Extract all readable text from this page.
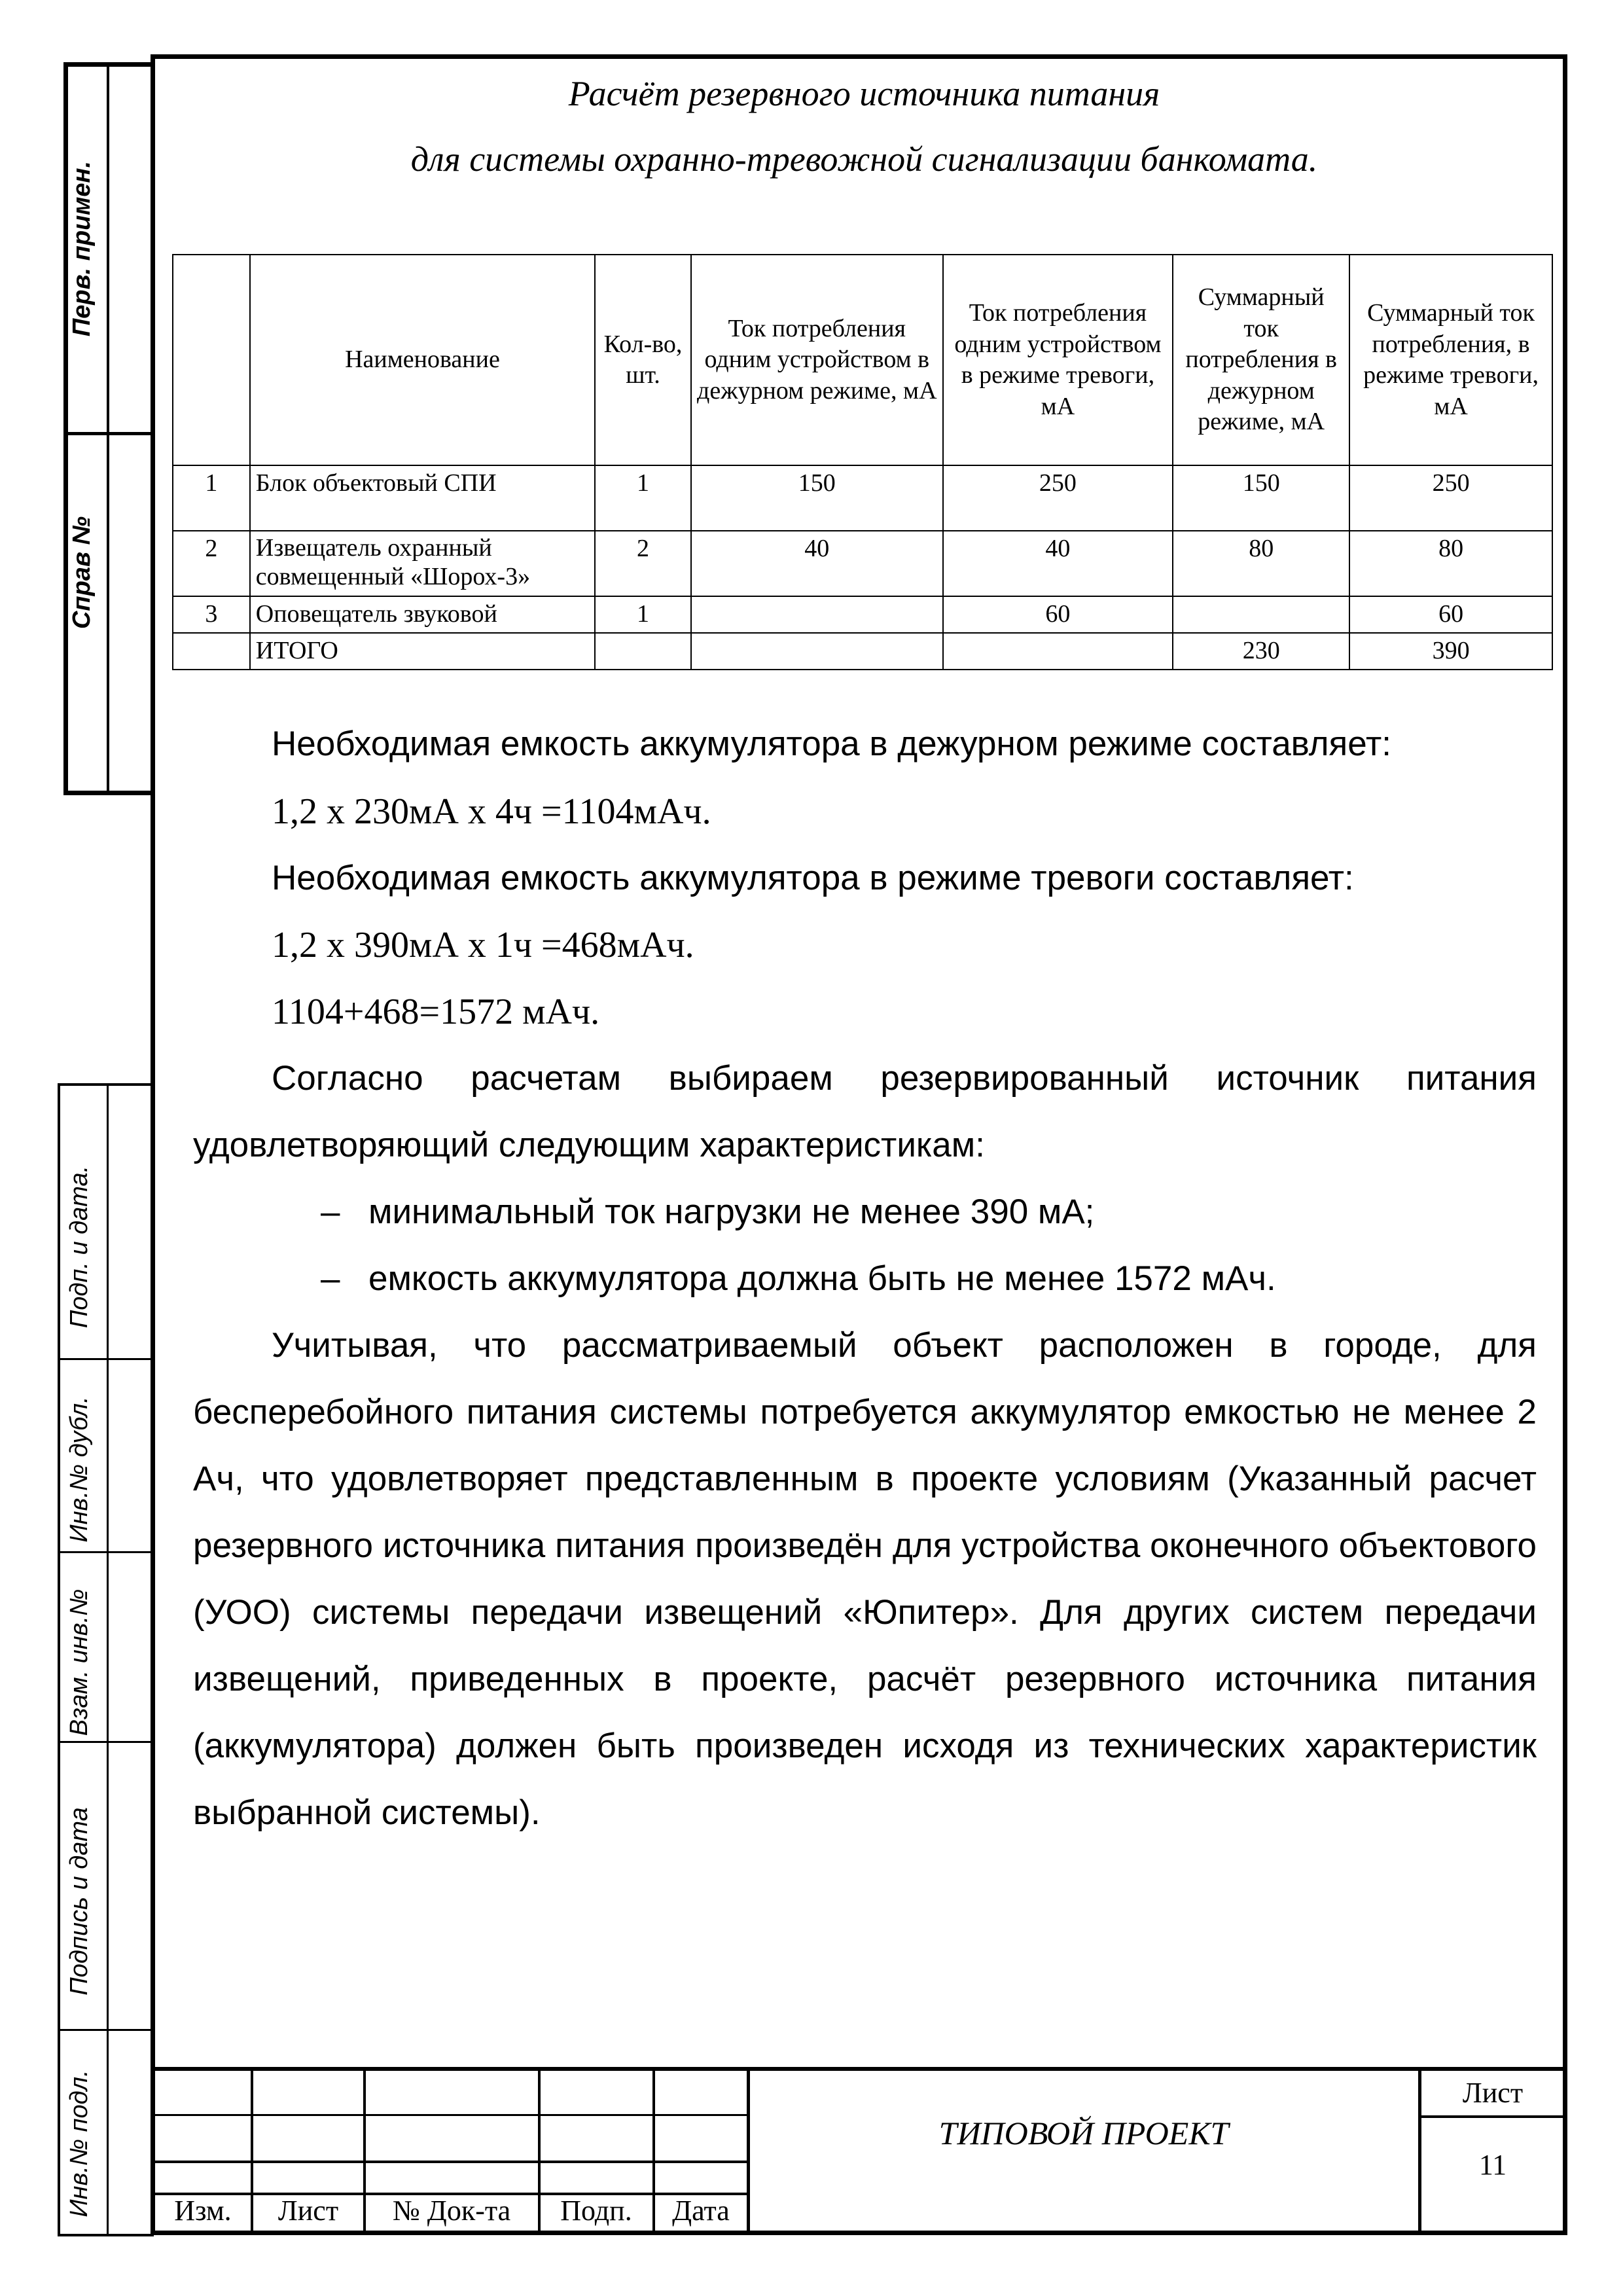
Перв. примен.
Справ №
Подп. и дата.
Инв.№ дубл.
Взам. инв.№
Подпись и дата
Инв.№ подл.
Расчёт резервного источника питания
для системы охранно-тревожной сигнализации банкомата.
	Наименование	Кол-во, шт.	Ток потребления одним устройством в дежурном режиме, мА	Ток потребления одним устройством в режиме тревоги, мА	Суммарный ток потребления в дежурном режиме, мА	Суммарный ток потребления, в режиме тревоги, мА
1	Блок объектовый СПИ	1	150	250	150	250
2	Извещатель охранный совмещенный «Шорох-3»	2	40	40	80	80
3	Оповещатель звуковой	1		60		60
	ИТОГО				230	390
Необходимая емкость аккумулятора в дежурном режиме составляет:
1,2 x 230мА x 4ч =1104мАч.
Необходимая емкость аккумулятора в режиме тревоги составляет:
1,2 x 390мА x 1ч =468мАч.
1104+468=1572 мАч.
Согласно расчетам выбираем резервированный источник питания удовлетворяющий следующим характеристикам:
– минимальный ток нагрузки не менее 390 мА;
– емкость аккумулятора должна быть не менее 1572 мАч.
Учитывая, что рассматриваемый объект расположен в городе, для бесперебойного питания системы потребуется аккумулятор емкостью не менее 2 Ач, что удовлетворяет представленным в проекте условиям (Указанный расчет резервного источника питания произведён для устройства оконечного объектового (УОО) системы передачи извещений «Юпитер». Для других систем передачи извещений, приведенных в проекте, расчёт резервного источника питания (аккумулятора) должен быть произведен исходя из технических характеристик выбранной системы).
Изм.	Лист	№ Док-та	Подп.	Дата
ТИПОВОЙ ПРОЕКТ
Лист
11
